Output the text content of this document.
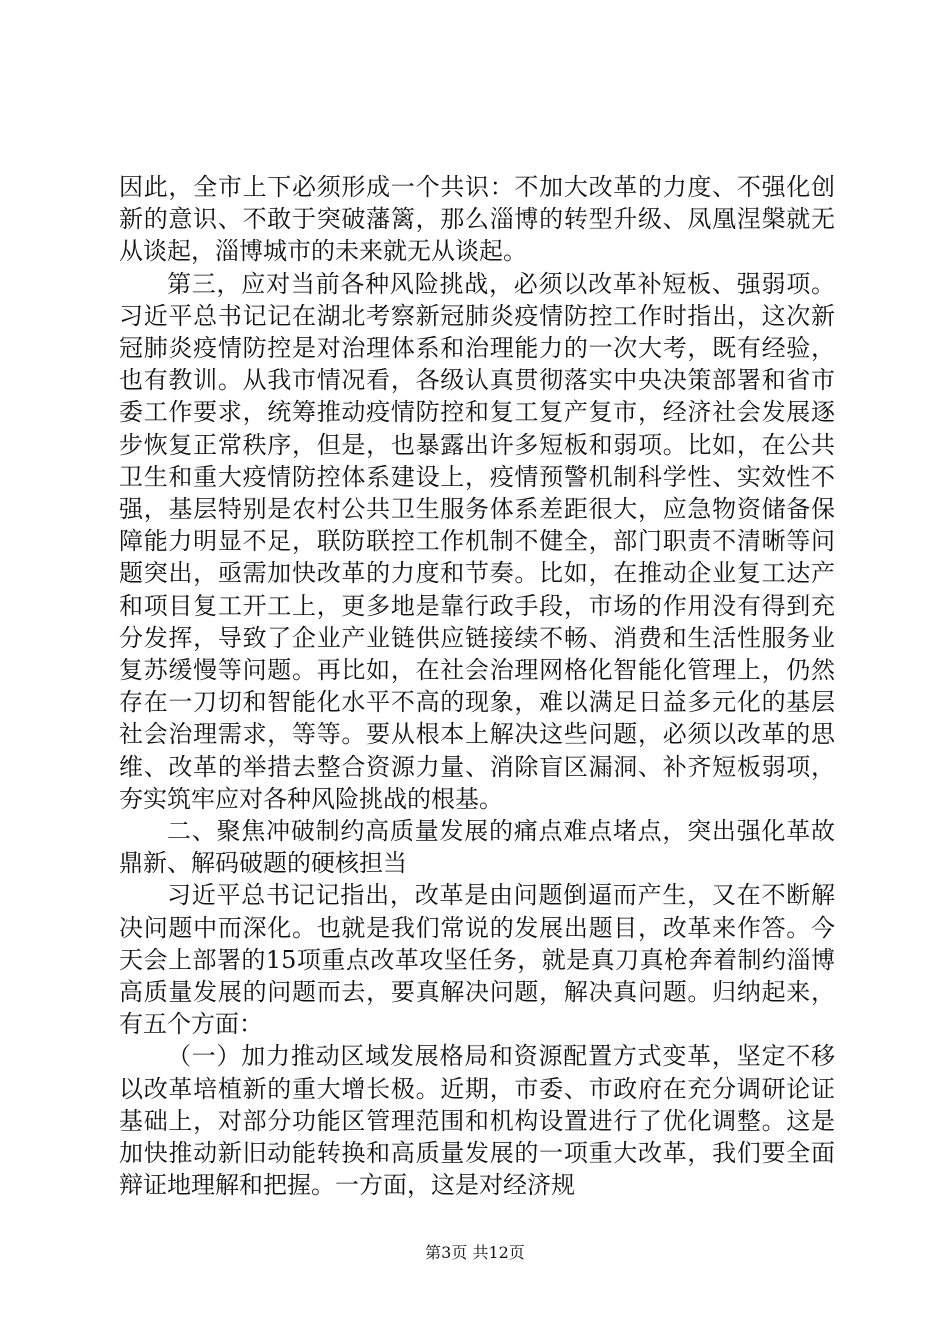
因此，全市上下必须形成一个共识：不加大改革的力度、不强化创新的意识、不敢于突破藩篱，那么淄博的转型升级、凤凰涅槃就无从谈起，淄博城市的未来就无从谈起。

第三，应对当前各种风险挑战，必须以改革补短板、强弱项。习近平总书记记在湖北考察新冠肺炎疫情防控工作时指出，这次新冠肺炎疫情防控是对治理体系和治理能力的一次大考，既有经验，也有教训。从我市情况看，各级认真贯彻落实中央决策部署和省市委工作要求，统筹推动疫情防控和复工复产复市，经济社会发展逐步恢复正常秩序，但是，也暴露出许多短板和弱项。比如，在公共卫生和重大疫情防控体系建设上，疫情预警机制科学性、实效性不强，基层特别是农村公共卫生服务体系差距很大，应急物资储备保障能力明显不足，联防联控工作机制不健全，部门职责不清晰等问题突出，亟需加快改革的力度和节奏。比如，在推动企业复工达产和项目复工开工上，更多地是靠行政手段，市场的作用没有得到充分发挥，导致了企业产业链供应链接续不畅、消费和生活性服务业复苏缓慢等问题。再比如，在社会治理网格化智能化管理上，仍然存在一刀切和智能化水平不高的现象，难以满足日益多元化的基层社会治理需求，等等。要从根本上解决这些问题，必须以改革的思维、改革的举措去整合资源力量、消除盲区漏洞、补齐短板弱项，夯实筑牢应对各种风险挑战的根基。

二、聚焦冲破制约高质量发展的痛点难点堵点，突出强化革故鼎新、解码破题的硬核担当

习近平总书记记指出，改革是由问题倒逼而产生，又在不断解决问题中而深化。也就是我们常说的发展出题目，改革来作答。今天会上部署的15项重点改革攻坚任务，就是真刀真枪奔着制约淄博高质量发展的问题而去，要真解决问题，解决真问题。归纳起来，有五个方面：

（一）加力推动区域发展格局和资源配置方式变革，坚定不移以改革培植新的重大增长极。近期，市委、市政府在充分调研论证基础上，对部分功能区管理范围和机构设置进行了优化调整。这是加快推动新旧动能转换和高质量发展的一项重大改革，我们要全面辩证地理解和把握。一方面，这是对经济规

第3页 共12页
